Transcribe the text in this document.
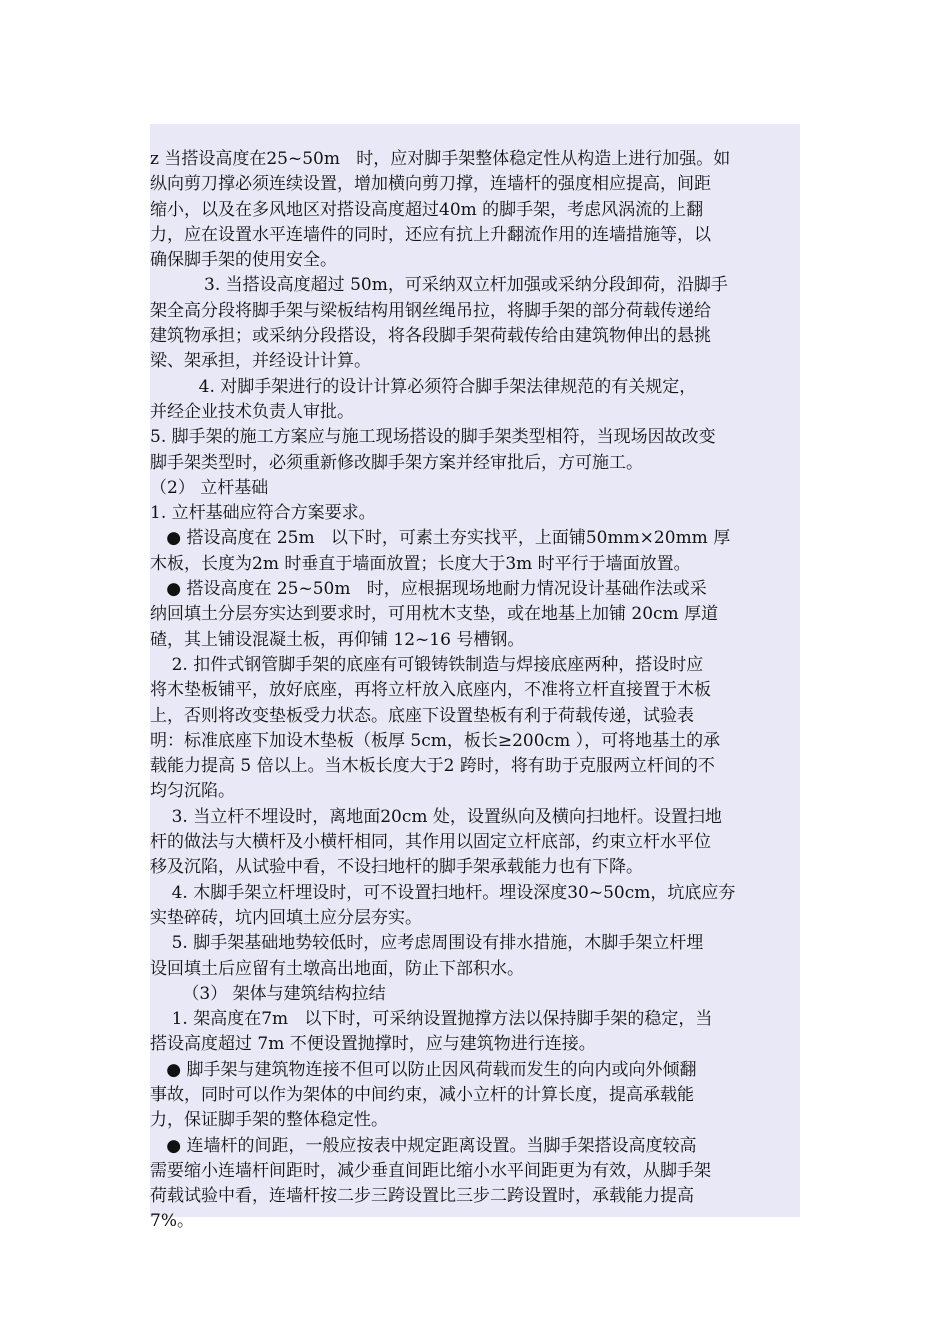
z 当搭设高度在25~50m   时，应对脚手架整体稳定性从构造上进行加强。如
纵向剪刀撑必须连续设置，增加横向剪刀撑，连墙杆的强度相应提高，间距
缩小，以及在多风地区对搭设高度超过40m 的脚手架，考虑风涡流的上翻
力，应在设置水平连墙件的同时，还应有抗上升翻流作用的连墙措施等，以
确保脚手架的使用安全。
3. 当搭设高度超过 50m，可采纳双立杆加强或采纳分段卸荷，沿脚手
架全高分段将脚手架与梁板结构用钢丝绳吊拉，将脚手架的部分荷载传递给
建筑物承担；或采纳分段搭设，将各段脚手架荷载传给由建筑物伸出的悬挑
梁、架承担，并经设计计算。
4. 对脚手架进行的设计计算必须符合脚手架法律规范的有关规定，
并经企业技术负责人审批。
5. 脚手架的施工方案应与施工现场搭设的脚手架类型相符，当现场因故改变
脚手架类型时，必须重新修改脚手架方案并经审批后，方可施工。
（2） 立杆基础
1. 立杆基础应符合方案要求。
● 搭设高度在 25m   以下时，可素土夯实找平，上面铺50mm×20mm 厚
木板，长度为2m 时垂直于墙面放置；长度大于3m 时平行于墙面放置。
● 搭设高度在 25~50m   时，应根据现场地耐力情况设计基础作法或采
纳回填土分层夯实达到要求时，可用枕木支垫，或在地基上加铺 20cm 厚道
碴，其上铺设混凝土板，再仰铺 12~16 号槽钢。
2. 扣件式钢管脚手架的底座有可锻铸铁制造与焊接底座两种，搭设时应
将木垫板铺平，放好底座，再将立杆放入底座内，不准将立杆直接置于木板
上，否则将改变垫板受力状态。底座下设置垫板有利于荷载传递，试验表
明：标准底座下加设木垫板（板厚 5cm，板长≥200cm ），可将地基土的承
载能力提高 5 倍以上。当木板长度大于2 跨时，将有助于克服两立杆间的不
均匀沉陷。
3. 当立杆不埋设时，离地面20cm 处，设置纵向及横向扫地杆。设置扫地
杆的做法与大横杆及小横杆相同，其作用以固定立杆底部，约束立杆水平位
移及沉陷，从试验中看，不设扫地杆的脚手架承载能力也有下降。
4. 木脚手架立杆埋设时，可不设置扫地杆。埋设深度30~50cm，坑底应夯
实垫碎砖，坑内回填土应分层夯实。
5. 脚手架基础地势较低时，应考虑周围设有排水措施，木脚手架立杆埋
设回填土后应留有土墩高出地面，防止下部积水。
（3） 架体与建筑结构拉结
1. 架高度在7m   以下时，可采纳设置抛撑方法以保持脚手架的稳定，当
搭设高度超过 7m 不便设置抛撑时，应与建筑物进行连接。
● 脚手架与建筑物连接不但可以防止因风荷载而发生的向内或向外倾翻
事故，同时可以作为架体的中间约束，减小立杆的计算长度，提高承载能
力，保证脚手架的整体稳定性。
● 连墙杆的间距，一般应按表中规定距离设置。当脚手架搭设高度较高
需要缩小连墙杆间距时，减少垂直间距比缩小水平间距更为有效，从脚手架
荷载试验中看，连墙杆按二步三跨设置比三步二跨设置时，承载能力提高
7%。
